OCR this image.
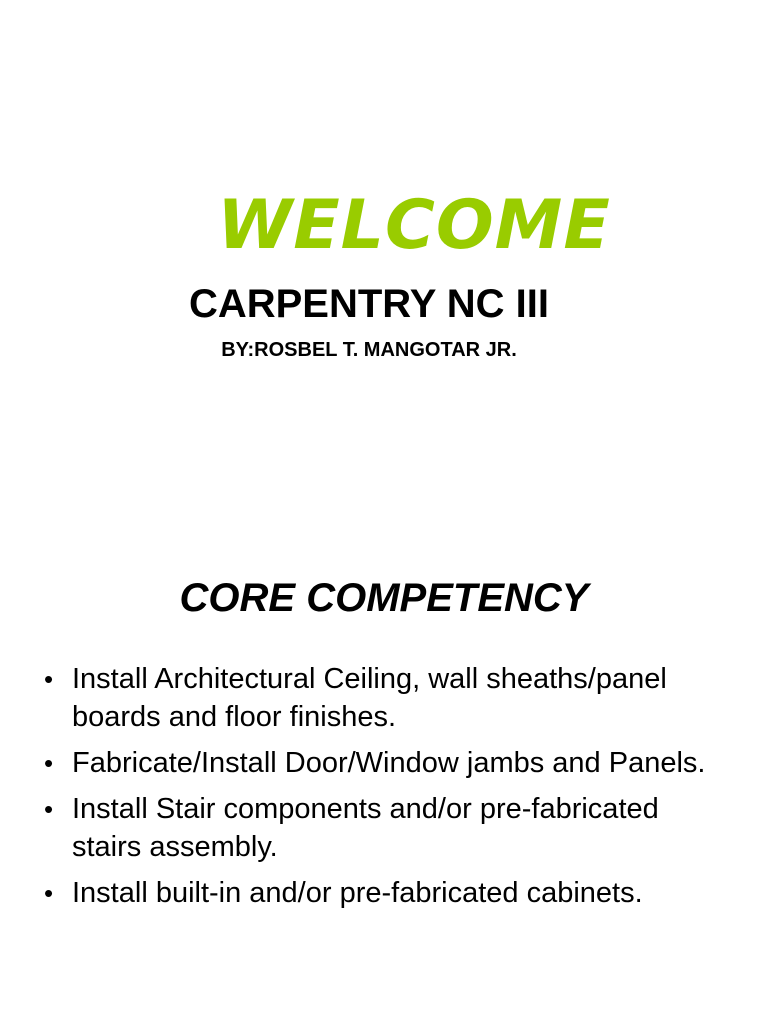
WELCOME
CARPENTRY NC III
BY:ROSBEL T. MANGOTAR JR.
CORE COMPETENCY
• Install Architectural Ceiling, wall sheaths/panel boards and floor finishes.
• Fabricate/Install Door/Window jambs and Panels.
• Install Stair components and/or pre-fabricated stairs assembly.
• Install built-in and/or pre-fabricated cabinets.
